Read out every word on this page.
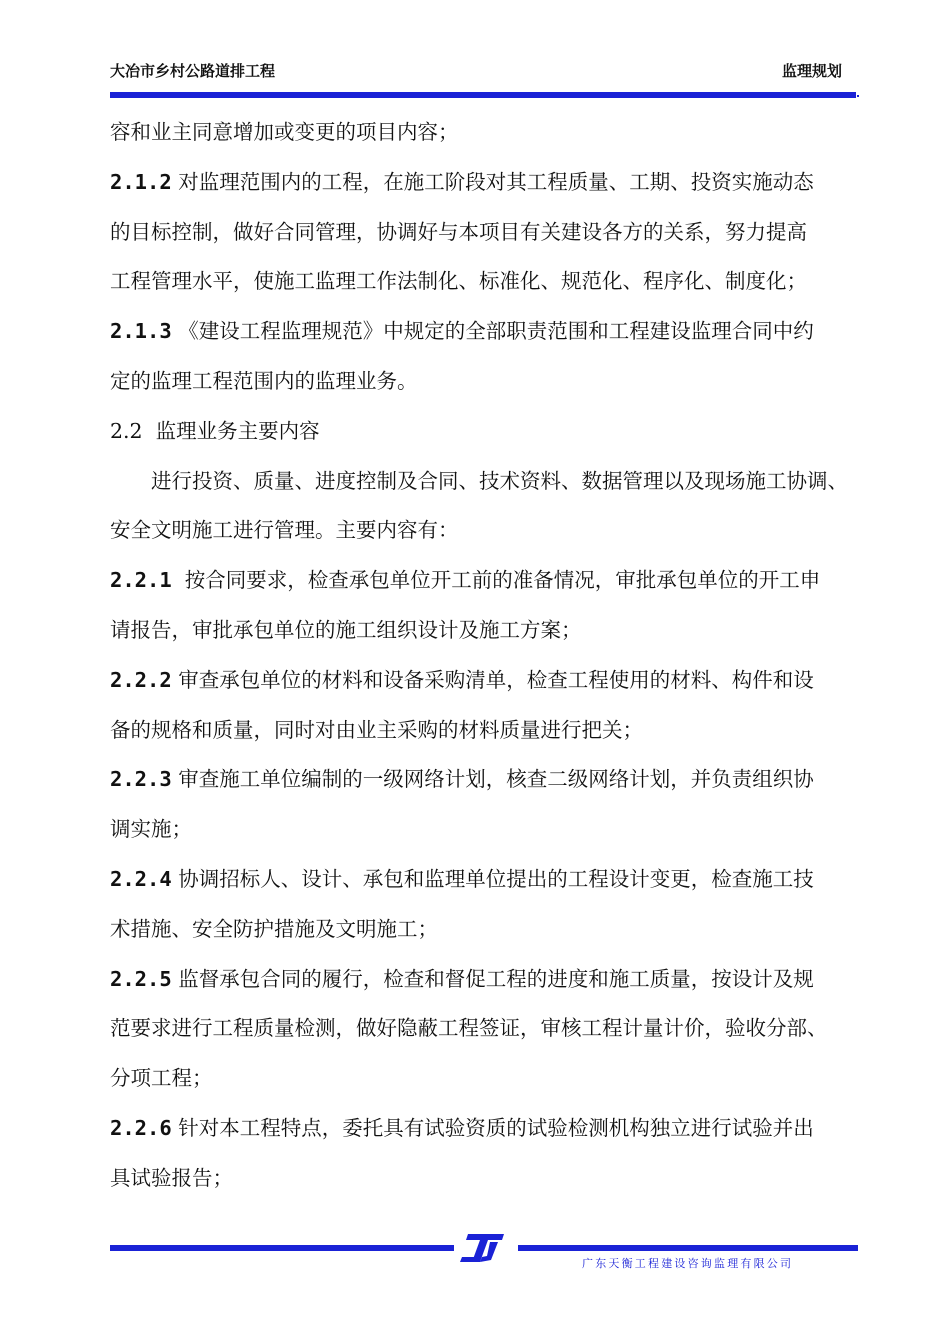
大冶市乡村公路道排工程	监理规划
容和业主同意增加或变更的项目内容；
2.1.2 对监理范围内的工程，在施工阶段对其工程质量、工期、投资实施动态
的目标控制，做好合同管理，协调好与本项目有关建设各方的关系，努力提高
工程管理水平，使施工监理工作法制化、标准化、规范化、程序化、制度化；
2.1.3 《建设工程监理规范》中规定的全部职责范围和工程建设监理合同中约
定的监理工程范围内的监理业务。
2.2  监理业务主要内容
进行投资、质量、进度控制及合同、技术资料、数据管理以及现场施工协调、
安全文明施工进行管理。主要内容有：
2.2.1  按合同要求，检查承包单位开工前的准备情况，审批承包单位的开工申
请报告，审批承包单位的施工组织设计及施工方案；
2.2.2 审查承包单位的材料和设备采购清单，检查工程使用的材料、构件和设
备的规格和质量，同时对由业主采购的材料质量进行把关；
2.2.3 审查施工单位编制的一级网络计划，核查二级网络计划，并负责组织协
调实施；
2.2.4 协调招标人、设计、承包和监理单位提出的工程设计变更，检查施工技
术措施、安全防护措施及文明施工；
2.2.5 监督承包合同的履行，检查和督促工程的进度和施工质量，按设计及规
范要求进行工程质量检测，做好隐蔽工程签证，审核工程计量计价，验收分部、
分项工程；
2.2.6 针对本工程特点，委托具有试验资质的试验检测机构独立进行试验并出
具试验报告；
广东天衡工程建设咨询监理有限公司
